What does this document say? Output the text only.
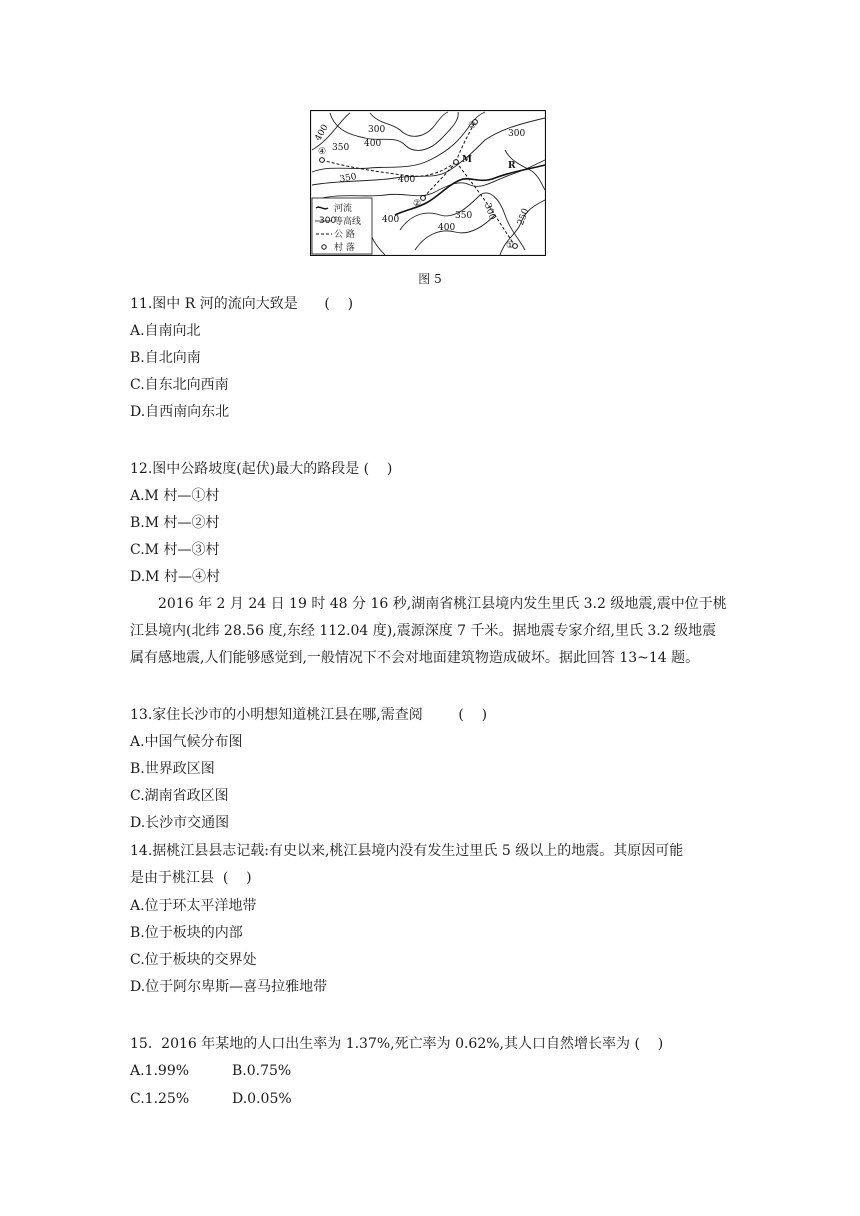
400	300
400
350
400
350
300
400
400
350 300 250
R
M
④
②
③
①
河流
300
等高线
公 路
村 落
图 5
11.图中 R 河的流向大致是      (    )
A.自南向北
B.自北向南
C.自东北向西南
D.自西南向东北
12.图中公路坡度(起伏)最大的路段是 (    )
A.M 村—①村
B.M 村—②村
C.M 村—③村
D.M 村—④村
2016 年 2 月 24 日 19 时 48 分 16 秒,湖南省桃江县境内发生里氏 3.2 级地震,震中位于桃江县境内(北纬 28.56 度,东经 112.04 度),震源深度 7 千米。据地震专家介绍,里氏 3.2 级地震属有感地震,人们能够感觉到,一般情况下不会对地面建筑物造成破坏。据此回答 13~14 题。
13.家住长沙市的小明想知道桃江县在哪,需查阅        (    )
A.中国气候分布图
B.世界政区图
C.湖南省政区图
D.长沙市交通图
14.据桃江县县志记载:有史以来,桃江县境内没有发生过里氏 5 级以上的地震。其原因可能
是由于桃江县  (    )
A.位于环太平洋地带
B.位于板块的内部
C.位于板块的交界处
D.位于阿尔卑斯—喜马拉雅地带
15.  2016 年某地的人口出生率为 1.37%,死亡率为 0.62%,其人口自然增长率为 (    )
A.1.99%	B.0.75%
C.1.25%	D.0.05%
